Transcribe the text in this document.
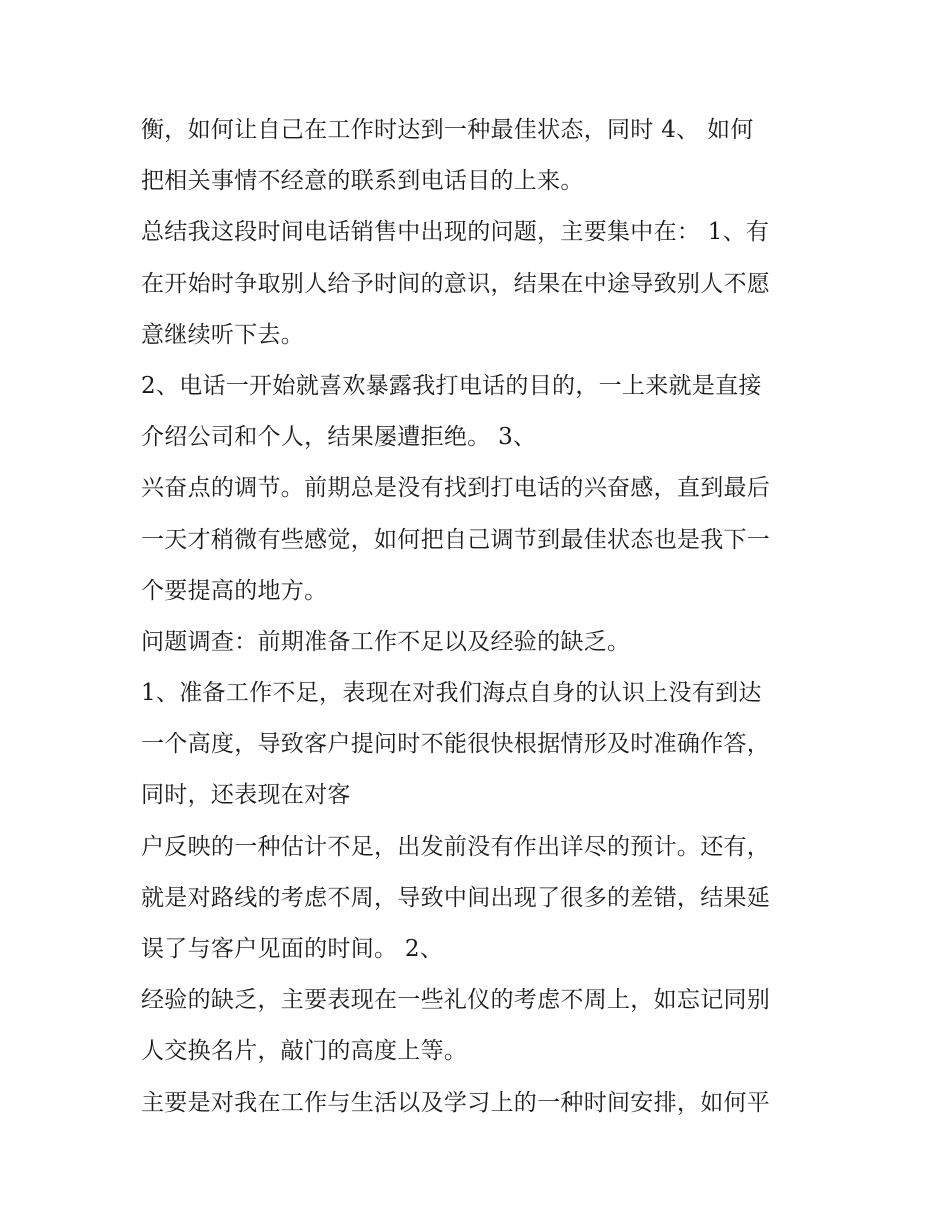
衡，如何让自己在工作时达到一种最佳状态，同时 4、 如何
把相关事情不经意的联系到电话目的上来。
总结我这段时间电话销售中出现的问题，主要集中在： 1、有
在开始时争取别人给予时间的意识，结果在中途导致别人不愿
意继续听下去。
2、电话一开始就喜欢暴露我打电话的目的，一上来就是直接
介绍公司和个人，结果屡遭拒绝。 3、
兴奋点的调节。前期总是没有找到打电话的兴奋感，直到最后
一天才稍微有些感觉，如何把自己调节到最佳状态也是我下一
个要提高的地方。
问题调查：前期准备工作不足以及经验的缺乏。
1、准备工作不足，表现在对我们海点自身的认识上没有到达
一个高度，导致客户提问时不能很快根据情形及时准确作答，
同时，还表现在对客
户反映的一种估计不足，出发前没有作出详尽的预计。还有，
就是对路线的考虑不周，导致中间出现了很多的差错，结果延
误了与客户见面的时间。 2、
经验的缺乏，主要表现在一些礼仪的考虑不周上，如忘记同别
人交换名片，敲门的高度上等。
主要是对我在工作与生活以及学习上的一种时间安排，如何平
